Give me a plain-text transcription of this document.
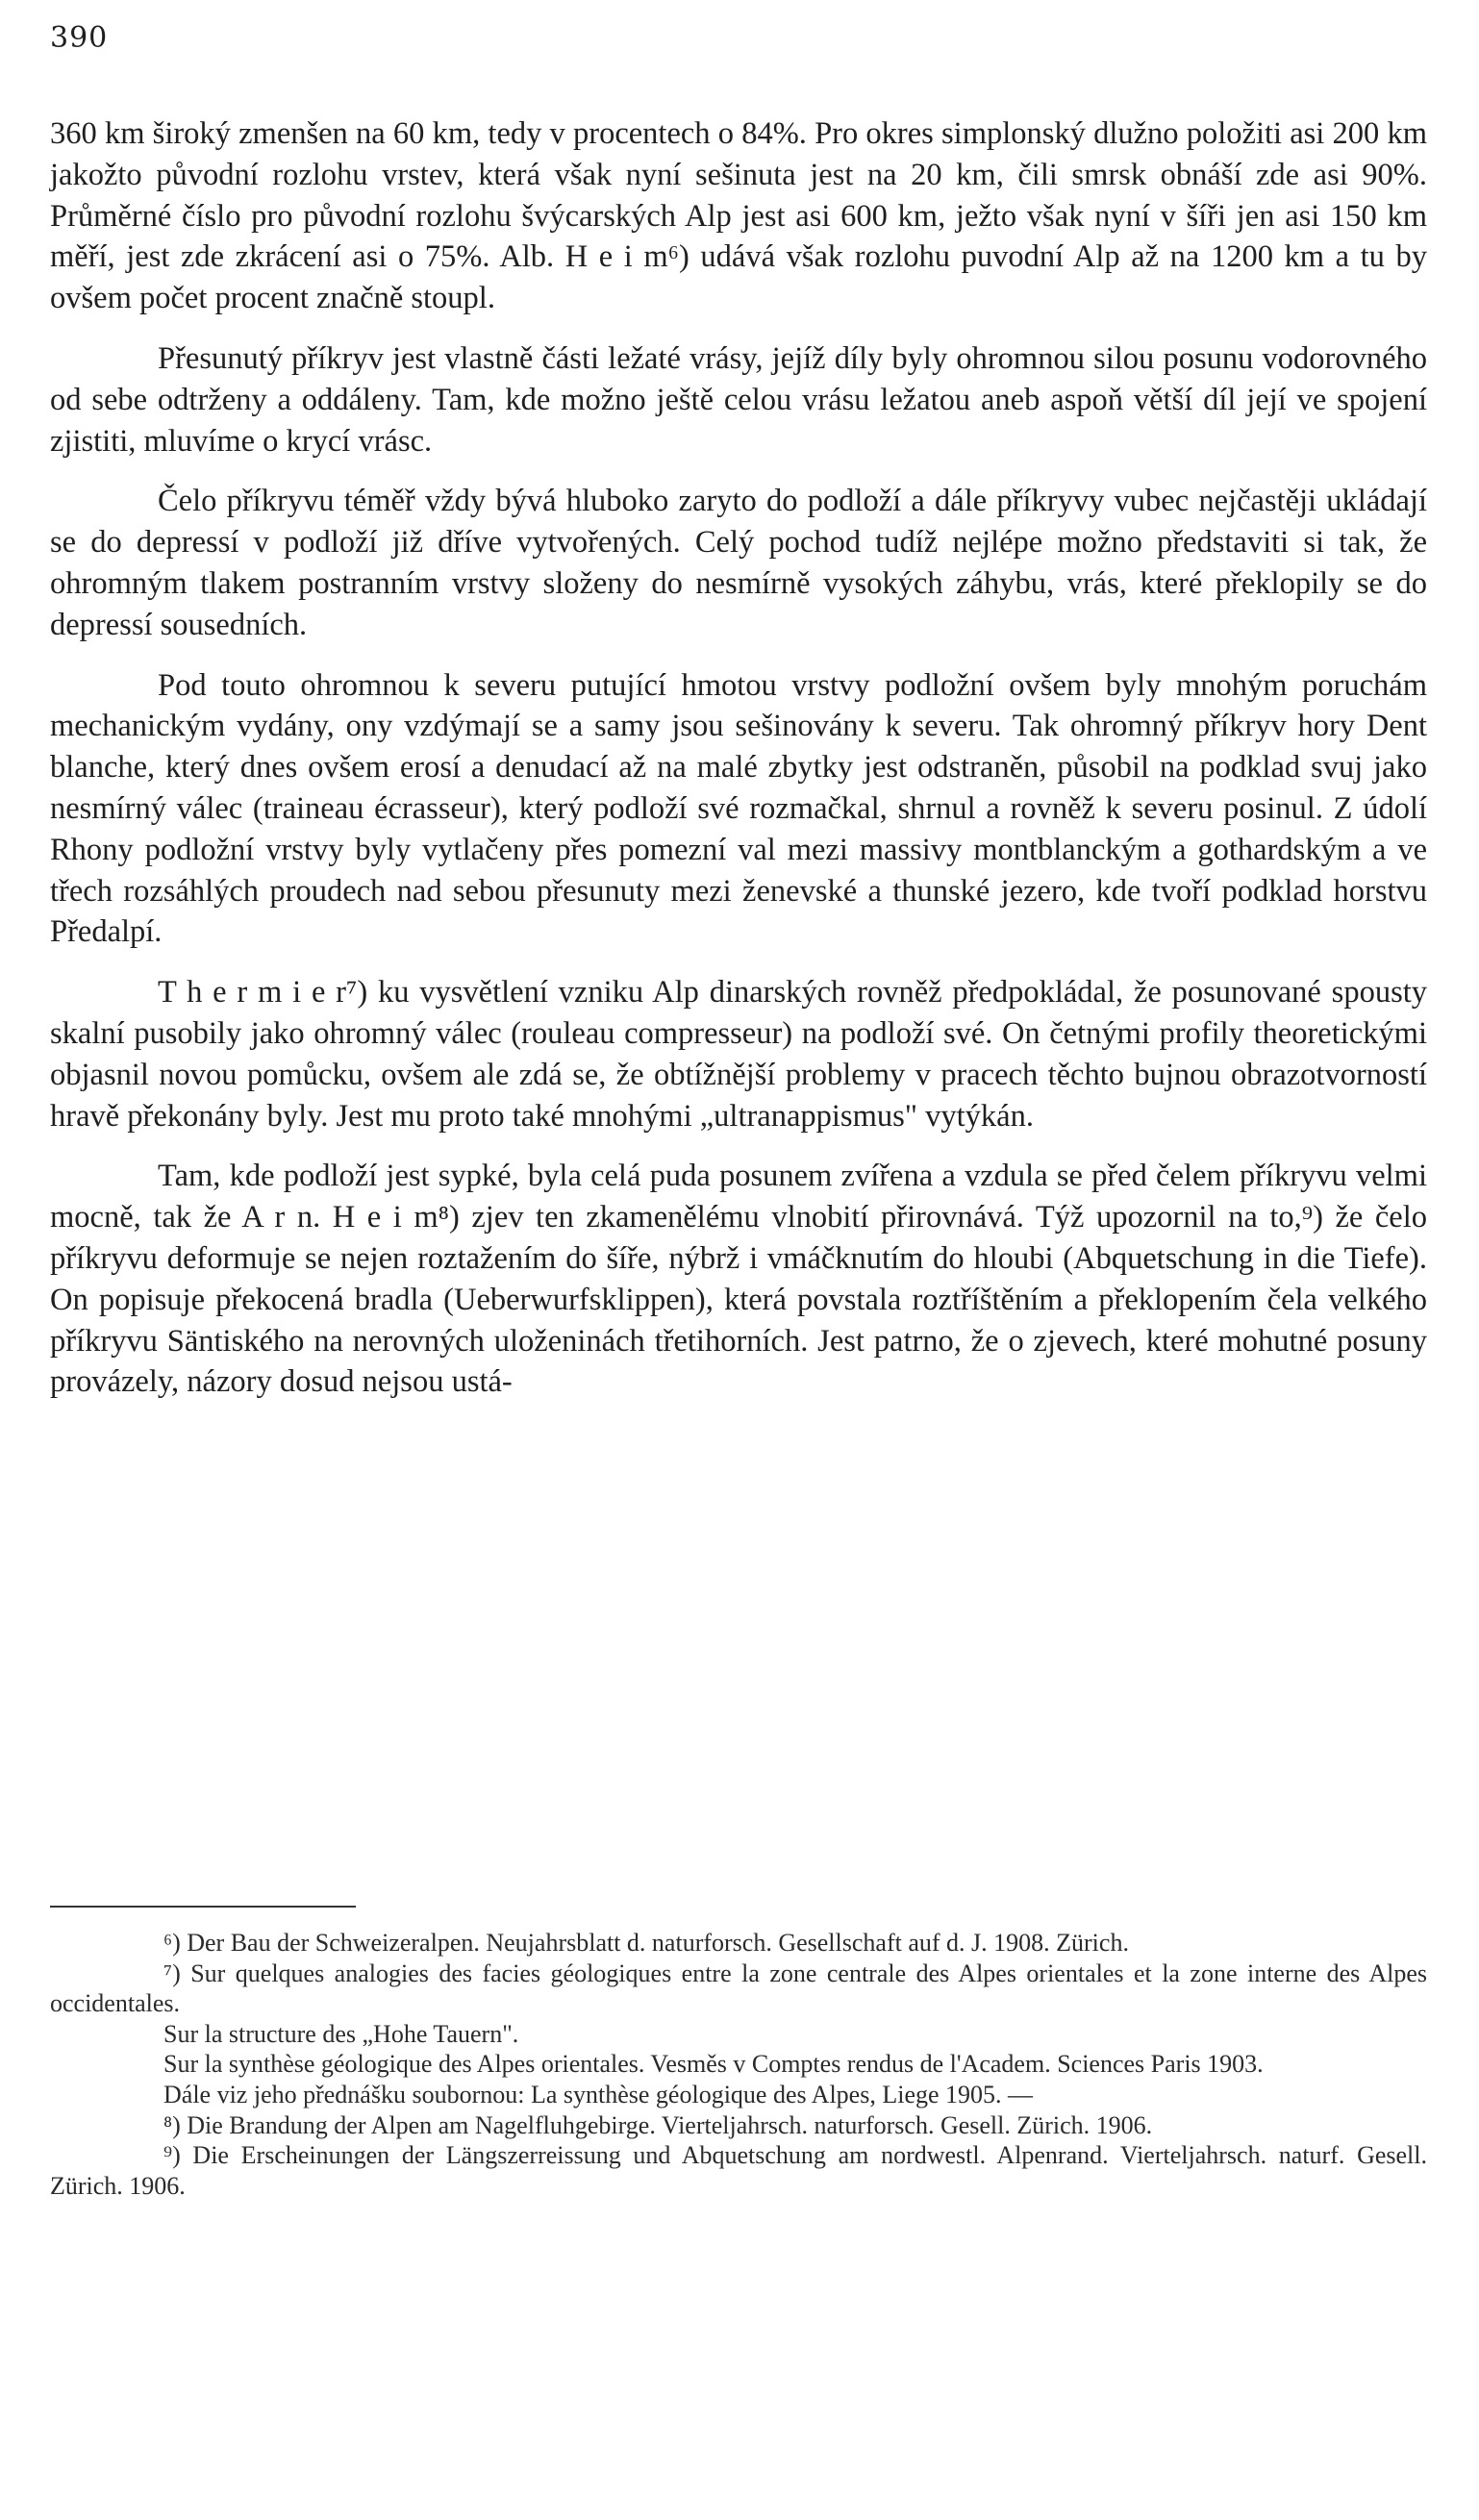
390

360 km široký zmenšen na 60 km, tedy v procentech o 84%. Pro okres simplonský dlužno položiti asi 200 km jakožto původní rozlohu vrstev, která však nyní sešinuta jest na 20 km, čili smrsk obnáší zde asi 90%. Průměrné číslo pro původní rozlohu švýcarských Alp jest asi 600 km, ježto však nyní v šíři jen asi 150 km měří, jest zde zkrácení asi o 75%. Alb. H e i m⁶) udává však rozlohu puvodní Alp až na 1200 km a tu by ovšem počet procent značně stoupl.

Přesunutý příkryv jest vlastně části ležaté vrásy, jejíž díly byly ohromnou silou posunu vodorovného od sebe odtrženy a oddáleny. Tam, kde možno ještě celou vrásu ležatou aneb aspoň větší díl její ve spojení zjistiti, mluvíme o krycí vrásc.

Čelo příkryvu téměř vždy bývá hluboko zaryto do podloží a dále příkryvy vubec nejčastěji ukládají se do depressí v podloží již dříve vytvořených. Celý pochod tudíž nejlépe možno představiti si tak, že ohromným tlakem postranním vrstvy složeny do nesmírně vysokých záhybu, vrás, které překlopily se do depressí sousedních.

Pod touto ohromnou k severu putující hmotou vrstvy podložní ovšem byly mnohým poruchám mechanickým vydány, ony vzdýmají se a samy jsou sešinovány k severu. Tak ohromný příkryv hory Dent blanche, který dnes ovšem erosí a denudací až na malé zbytky jest odstraněn, působil na podklad svuj jako nesmírný válec (traineau écrasseur), který podloží své rozmačkal, shrnul a rovněž k severu posinul. Z údolí Rhony podložní vrstvy byly vytlačeny přes pomezní val mezi massivy montblanckým a gothardským a ve třech rozsáhlých proudech nad sebou přesunuty mezi ženevské a thunské jezero, kde tvoří podklad horstvu Předalpí.

T h e r m i e r⁷) ku vysvětlení vzniku Alp dinarských rovněž předpokládal, že posunované spousty skalní pusobily jako ohromný válec (rouleau compresseur) na podloží své. On četnými profily theoretickými objasnil novou pomůcku, ovšem ale zdá se, že obtížnější problemy v pracech těchto bujnou obrazotvorností hravě překonány byly. Jest mu proto také mnohými „ultranappismus" vytýkán.

Tam, kde podloží jest sypké, byla celá puda posunem zvířena a vzdula se před čelem příkryvu velmi mocně, tak že A r n. H e i m⁸) zjev ten zkamenělému vlnobití přirovnává. Týž upozornil na to,⁹) že čelo příkryvu deformuje se nejen roztažením do šíře, nýbrž i vmáčknutím do hloubi (Abquetschung in die Tiefe). On popisuje překocená bradla (Ueberwurfsklippen), která povstala roztříštěním a překlopením čela velkého příkryvu Säntiského na nerovných uloženinách třetihorních. Jest patrno, že o zjevech, které mohutné posuny provázely, názory dosud nejsou ustá-

⁶) Der Bau der Schweizeralpen. Neujahrsblatt d. naturforsch. Gesellschaft auf d. J. 1908. Zürich.

⁷) Sur quelques analogies des facies géologiques entre la zone centrale des Alpes orientales et la zone interne des Alpes occidentales.

Sur la structure des „Hohe Tauern".

Sur la synthèse géologique des Alpes orientales. Vesměs v Comptes rendus de l'Academ. Sciences Paris 1903.

Dále viz jeho přednášku soubornou: La synthèse géologique des Alpes, Liege 1905. —

⁸) Die Brandung der Alpen am Nagelfluhgebirge. Vierteljahrsch. naturforsch. Gesell. Zürich. 1906.

⁹) Die Erscheinungen der Längszerreissung und Abquetschung am nordwestl. Alpenrand. Vierteljahrsch. naturf. Gesell. Zürich. 1906.
